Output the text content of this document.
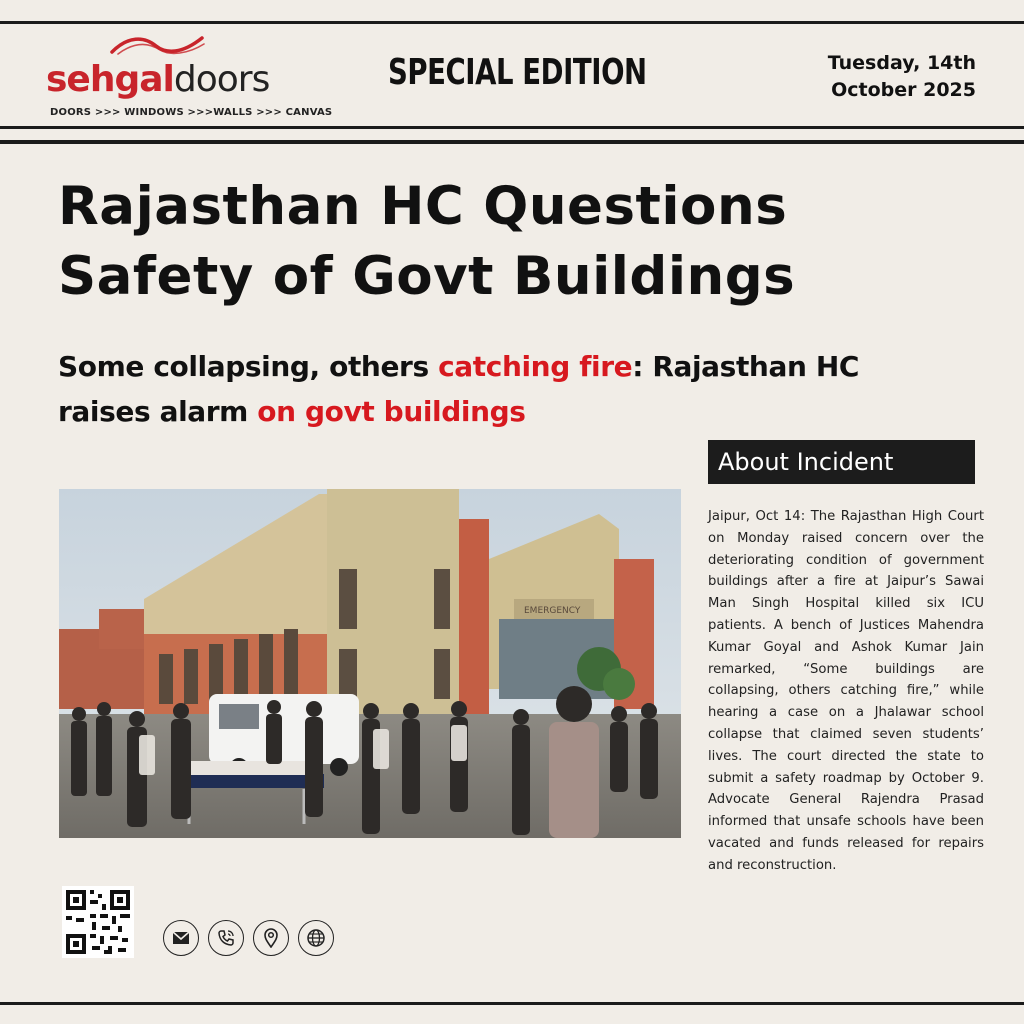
sehgaldoors
DOORS >>> WINDOWS >>>WALLS >>> CANVAS
SPECIAL EDITION	Tuesday, 14th
October 2025
Rajasthan HC Questions
Safety of Govt Buildings
Some collapsing, others catching fire: Rajasthan HC raises alarm on govt buildings
EMERGENCY
About Incident
Jaipur, Oct 14: The Rajasthan High Court on Monday raised concern over the deteriorating condition of government buildings after a fire at Jaipur’s Sawai Man Singh Hospital killed six ICU patients. A bench of Justices Mahendra Kumar Goyal and Ashok Kumar Jain remarked, “Some buildings are collapsing, others catching fire,” while hearing a case on a Jhalawar school collapse that claimed seven students’ lives. The court directed the state to submit a safety roadmap by October 9. Advocate General Rajendra Prasad informed that unsafe schools have been vacated and funds released for repairs and reconstruction.
